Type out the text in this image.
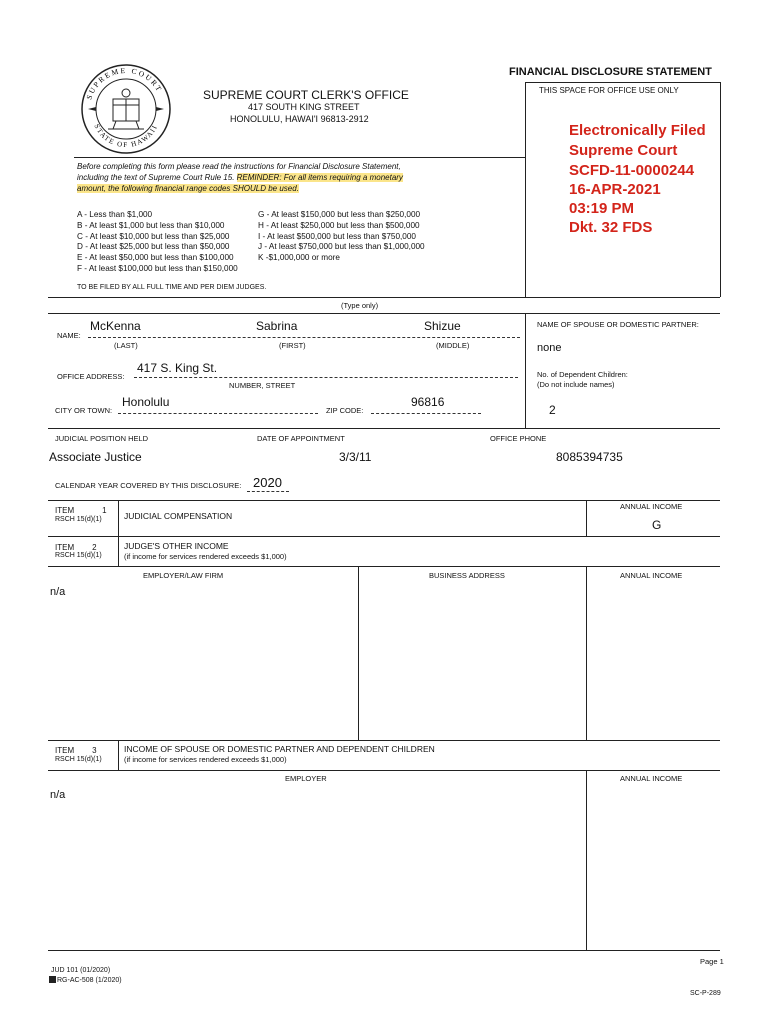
SUPREME COURT
STATE OF HAWAII
FINANCIAL DISCLOSURE STATEMENT
THIS SPACE FOR OFFICE USE ONLY
SUPREME COURT CLERK'S OFFICE
417 SOUTH KING STREET
HONOLULU, HAWAI'I 96813-2912
Electronically Filed
Supreme Court
SCFD-11-0000244
16-APR-2021
03:19 PM
Dkt. 32 FDS
Before completing this form please read the instructions for Financial Disclosure Statement,
including the text of Supreme Court Rule 15. REMINDER: For all items requiring a monetary
amount, the following financial range codes SHOULD be used.
A - Less than $1,000
B - At least $1,000 but less than $10,000
C - At least $10,000 but less than $25,000
D - At least $25,000 but less than $50,000
E - At least $50,000 but less than $100,000
F - At least $100,000 but less than $150,000
G - At least $150,000 but less than $250,000
H - At least $250,000 but less than $500,000
I - At least $500,000 but less than $750,000
J - At least $750,000 but less than $1,000,000
K -$1,000,000 or more
TO BE FILED BY ALL FULL TIME AND PER DIEM JUDGES.
(Type only)
NAME:
McKenna	Sabrina	Shizue
(LAST)	(FIRST)	(MIDDLE)
NAME OF SPOUSE OR DOMESTIC PARTNER:
none
OFFICE ADDRESS:
417 S. King St.
NUMBER, STREET
No. of Dependent Children:
(Do not include names)
2
CITY OR TOWN:
Honolulu
ZIP CODE:
96816
JUDICIAL POSITION HELD	DATE OF APPOINTMENT	OFFICE PHONE
Associate Justice	3/3/11	8085394735
CALENDAR YEAR COVERED BY THIS DISCLOSURE: 2020
ITEM	1
RSCH 15(d)(1)	JUDICIAL COMPENSATION
ANNUAL INCOME
G
ITEM 2
RSCH 15(d)(1)
JUDGE'S OTHER INCOME
(if income for services rendered exceeds $1,000)
EMPLOYER/LAW FIRM	BUSINESS ADDRESS	ANNUAL INCOME
n/a
ITEM 3
RSCH 15(d)(1)
INCOME OF SPOUSE OR DOMESTIC PARTNER AND DEPENDENT CHILDREN
(if income for services rendered exceeds $1,000)
EMPLOYER	ANNUAL INCOME
n/a
Page 1
JUD 101 (01/2020)
RG-AC-508 (1/2020)
SC-P-289
